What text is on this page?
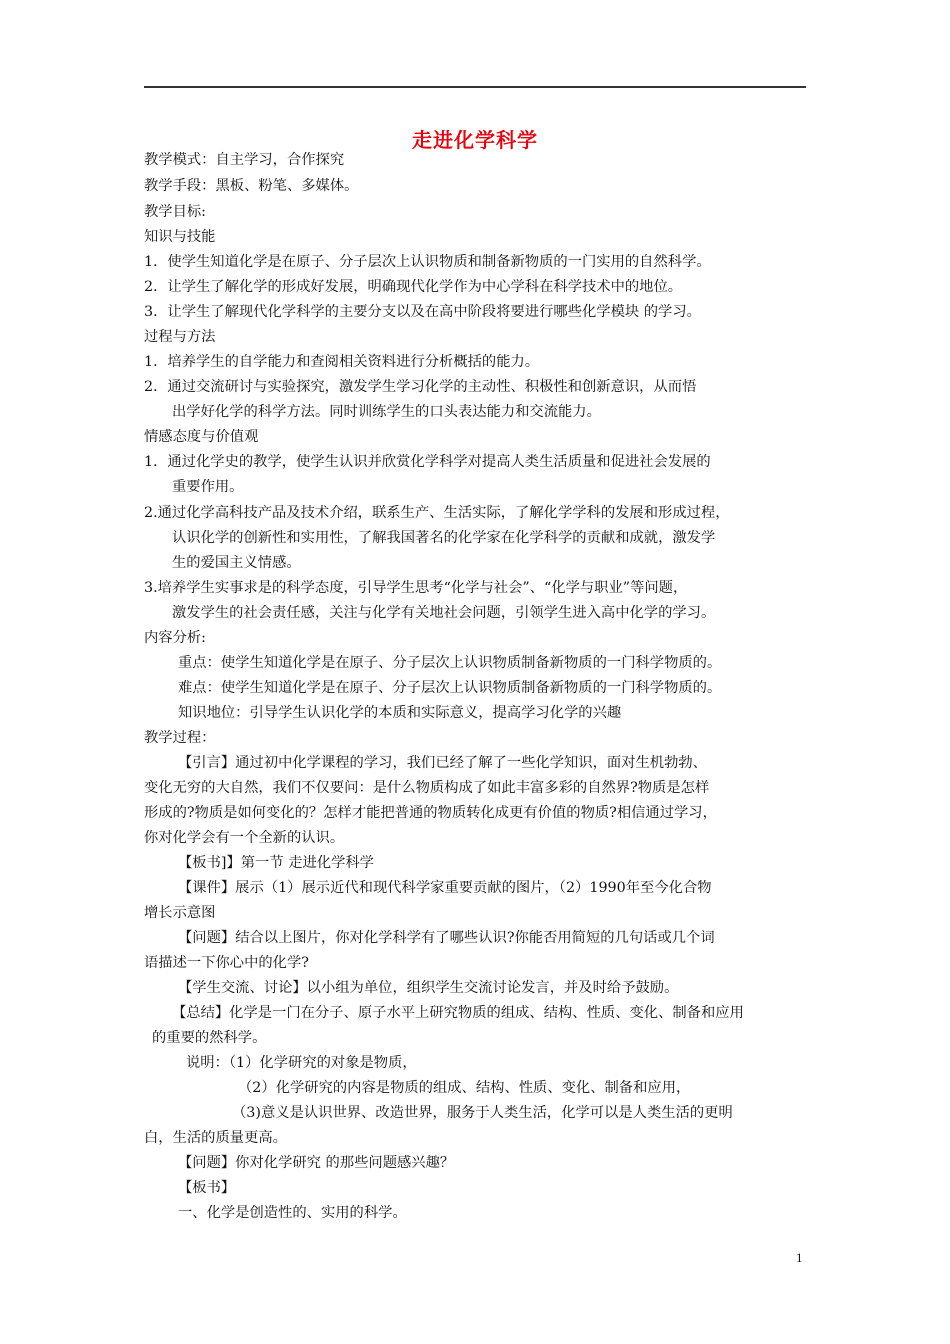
走进化学科学
教学模式：自主学习，合作探究
教学手段：黑板、粉笔、多媒体。
教学目标:
知识与技能
1．使学生知道化学是在原子、分子层次上认识物质和制备新物质的一门实用的自然科学。
2．让学生了解化学的形成好发展，明确现代化学作为中心学科在科学技术中的地位。
3．让学生了解现代化学科学的主要分支以及在高中阶段将要进行哪些化学模块 的学习。
过程与方法
1．培养学生的自学能力和查阅相关资料进行分析概括的能力。
2．通过交流研讨与实验探究，激发学生学习化学的主动性、积极性和创新意识，从而悟
出学好化学的科学方法。同时训练学生的口头表达能力和交流能力。
情感态度与价值观
1．通过化学史的教学，使学生认识并欣赏化学科学对提高人类生活质量和促进社会发展的
重要作用。
2.通过化学高科技产品及技术介绍，联系生产、生活实际，了解化学学科的发展和形成过程，
认识化学的创新性和实用性，了解我国著名的化学家在化学科学的贡献和成就，激发学
生的爱国主义情感。
3.培养学生实事求是的科学态度，引导学生思考“化学与社会”、“化学与职业”等问题，
激发学生的社会责任感，关注与化学有关地社会问题，引领学生进入高中化学的学习。
内容分析:
重点：使学生知道化学是在原子、分子层次上认识物质制备新物质的一门科学物质的。
难点：使学生知道化学是在原子、分子层次上认识物质制备新物质的一门科学物质的。
知识地位：引导学生认识化学的本质和实际意义，提高学习化学的兴趣
教学过程：
【引言】通过初中化学课程的学习，我们已经了解了一些化学知识，面对生机勃勃、
变化无穷的大自然，我们不仅要问：是什么物质构成了如此丰富多彩的自然界?物质是怎样
形成的?物质是如何变化的？怎样才能把普通的物质转化成更有价值的物质?相信通过学习，
你对化学会有一个全新的认识。
【板书]】第一节 走进化学科学
【课件】展示（1）展示近代和现代科学家重要贡献的图片，（2）1990年至今化合物
增长示意图
【问题】结合以上图片，你对化学科学有了哪些认识?你能否用简短的几句话或几个词
语描述一下你心中的化学?
【学生交流、讨论】以小组为单位，组织学生交流讨论发言，并及时给予鼓励。
【总结】化学是一门在分子、原子水平上研究物质的组成、结构、性质、变化、制备和应用
的重要的然科学。
说明：（1）化学研究的对象是物质，
（2）化学研究的内容是物质的组成、结构、性质、变化、制备和应用，
（3)意义是认识世界、改造世界，服务于人类生活，化学可以是人类生活的更明
白，生活的质量更高。
【问题】你对化学研究 的那些问题感兴趣？
【板书】
一、化学是创造性的、实用的科学。
1
